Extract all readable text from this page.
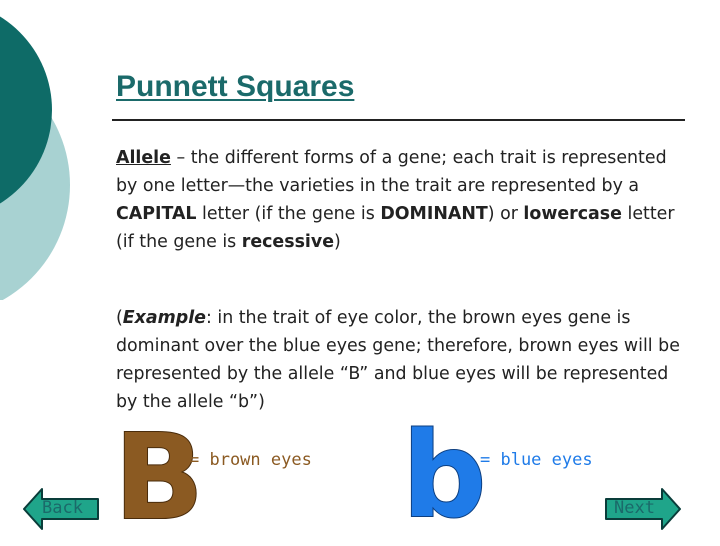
Punnett Squares

Allele – the different forms of a gene; each trait is represented by one letter—the varieties in the trait are represented by a CAPITAL letter (if the gene is DOMINANT) or lowercase letter (if the gene is recessive)

(Example: in the trait of eye color, the brown eyes gene is dominant over the blue eyes gene; therefore, brown eyes will be represented by the allele “B” and blue eyes will be represented by the allele “b”)

B
= brown eyes b
= blue eyes
Back	Next
